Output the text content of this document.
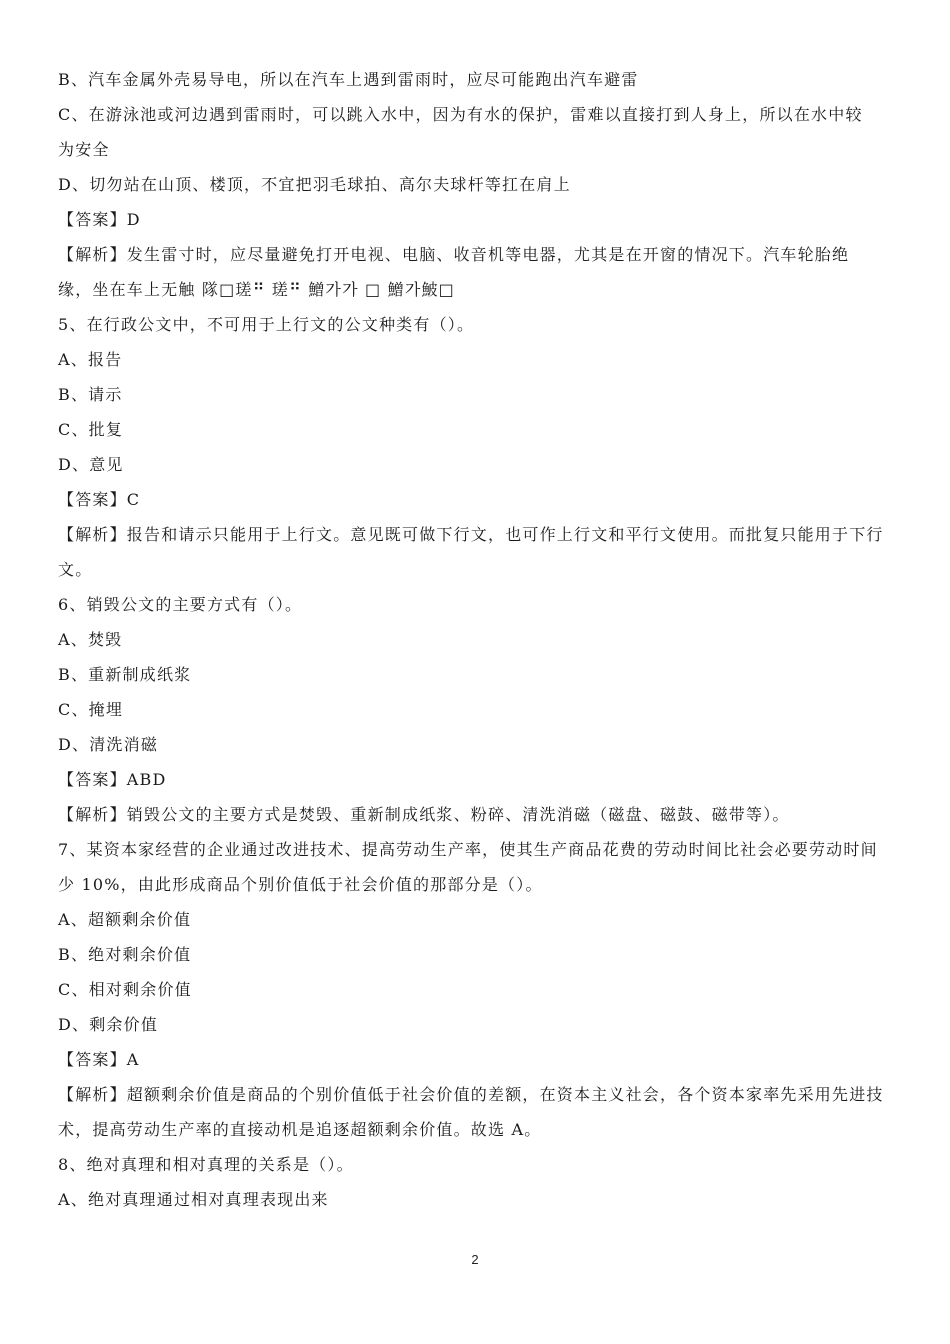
B、汽车金属外壳易导电，所以在汽车上遇到雷雨时，应尽可能跑出汽车避雷
C、在游泳池或河边遇到雷雨时，可以跳入水中，因为有水的保护，雷难以直接打到人身上，所以在水中较
为安全
D、切勿站在山顶、楼顶，不宜把羽毛球拍、高尔夫球杆等扛在肩上
【答案】D
【解析】发生雷寸时，应尽量避免打开电视、电脑、收音机等电器，尤其是在开窗的情况下。汽车轮胎绝
缘，坐在车上无触 隊□瑳⠛ 瑳⠛ 鱛가가 □ 鱛가鮍□
5、在行政公文中，不可用于上行文的公文种类有（）。
A、报告
B、请示
C、批复
D、意见
【答案】C
【解析】报告和请示只能用于上行文。意见既可做下行文，也可作上行文和平行文使用。而批复只能用于下行
文。
6、销毁公文的主要方式有（）。
A、焚毁
B、重新制成纸浆
C、掩埋
D、清洗消磁
【答案】ABD
【解析】销毁公文的主要方式是焚毁、重新制成纸浆、粉碎、清洗消磁（磁盘、磁鼓、磁带等）。
7、某资本家经营的企业通过改进技术、提高劳动生产率，使其生产商品花费的劳动时间比社会必要劳动时间
少 10%，由此形成商品个别价值低于社会价值的那部分是（）。
A、超额剩余价值
B、绝对剩余价值
C、相对剩余价值
D、剩余价值
【答案】A
【解析】超额剩余价值是商品的个别价值低于社会价值的差额，在资本主义社会，各个资本家率先采用先进技
术，提高劳动生产率的直接动机是追逐超额剩余价值。故选 A。
8、绝对真理和相对真理的关系是（）。
A、绝对真理通过相对真理表现出来
2
